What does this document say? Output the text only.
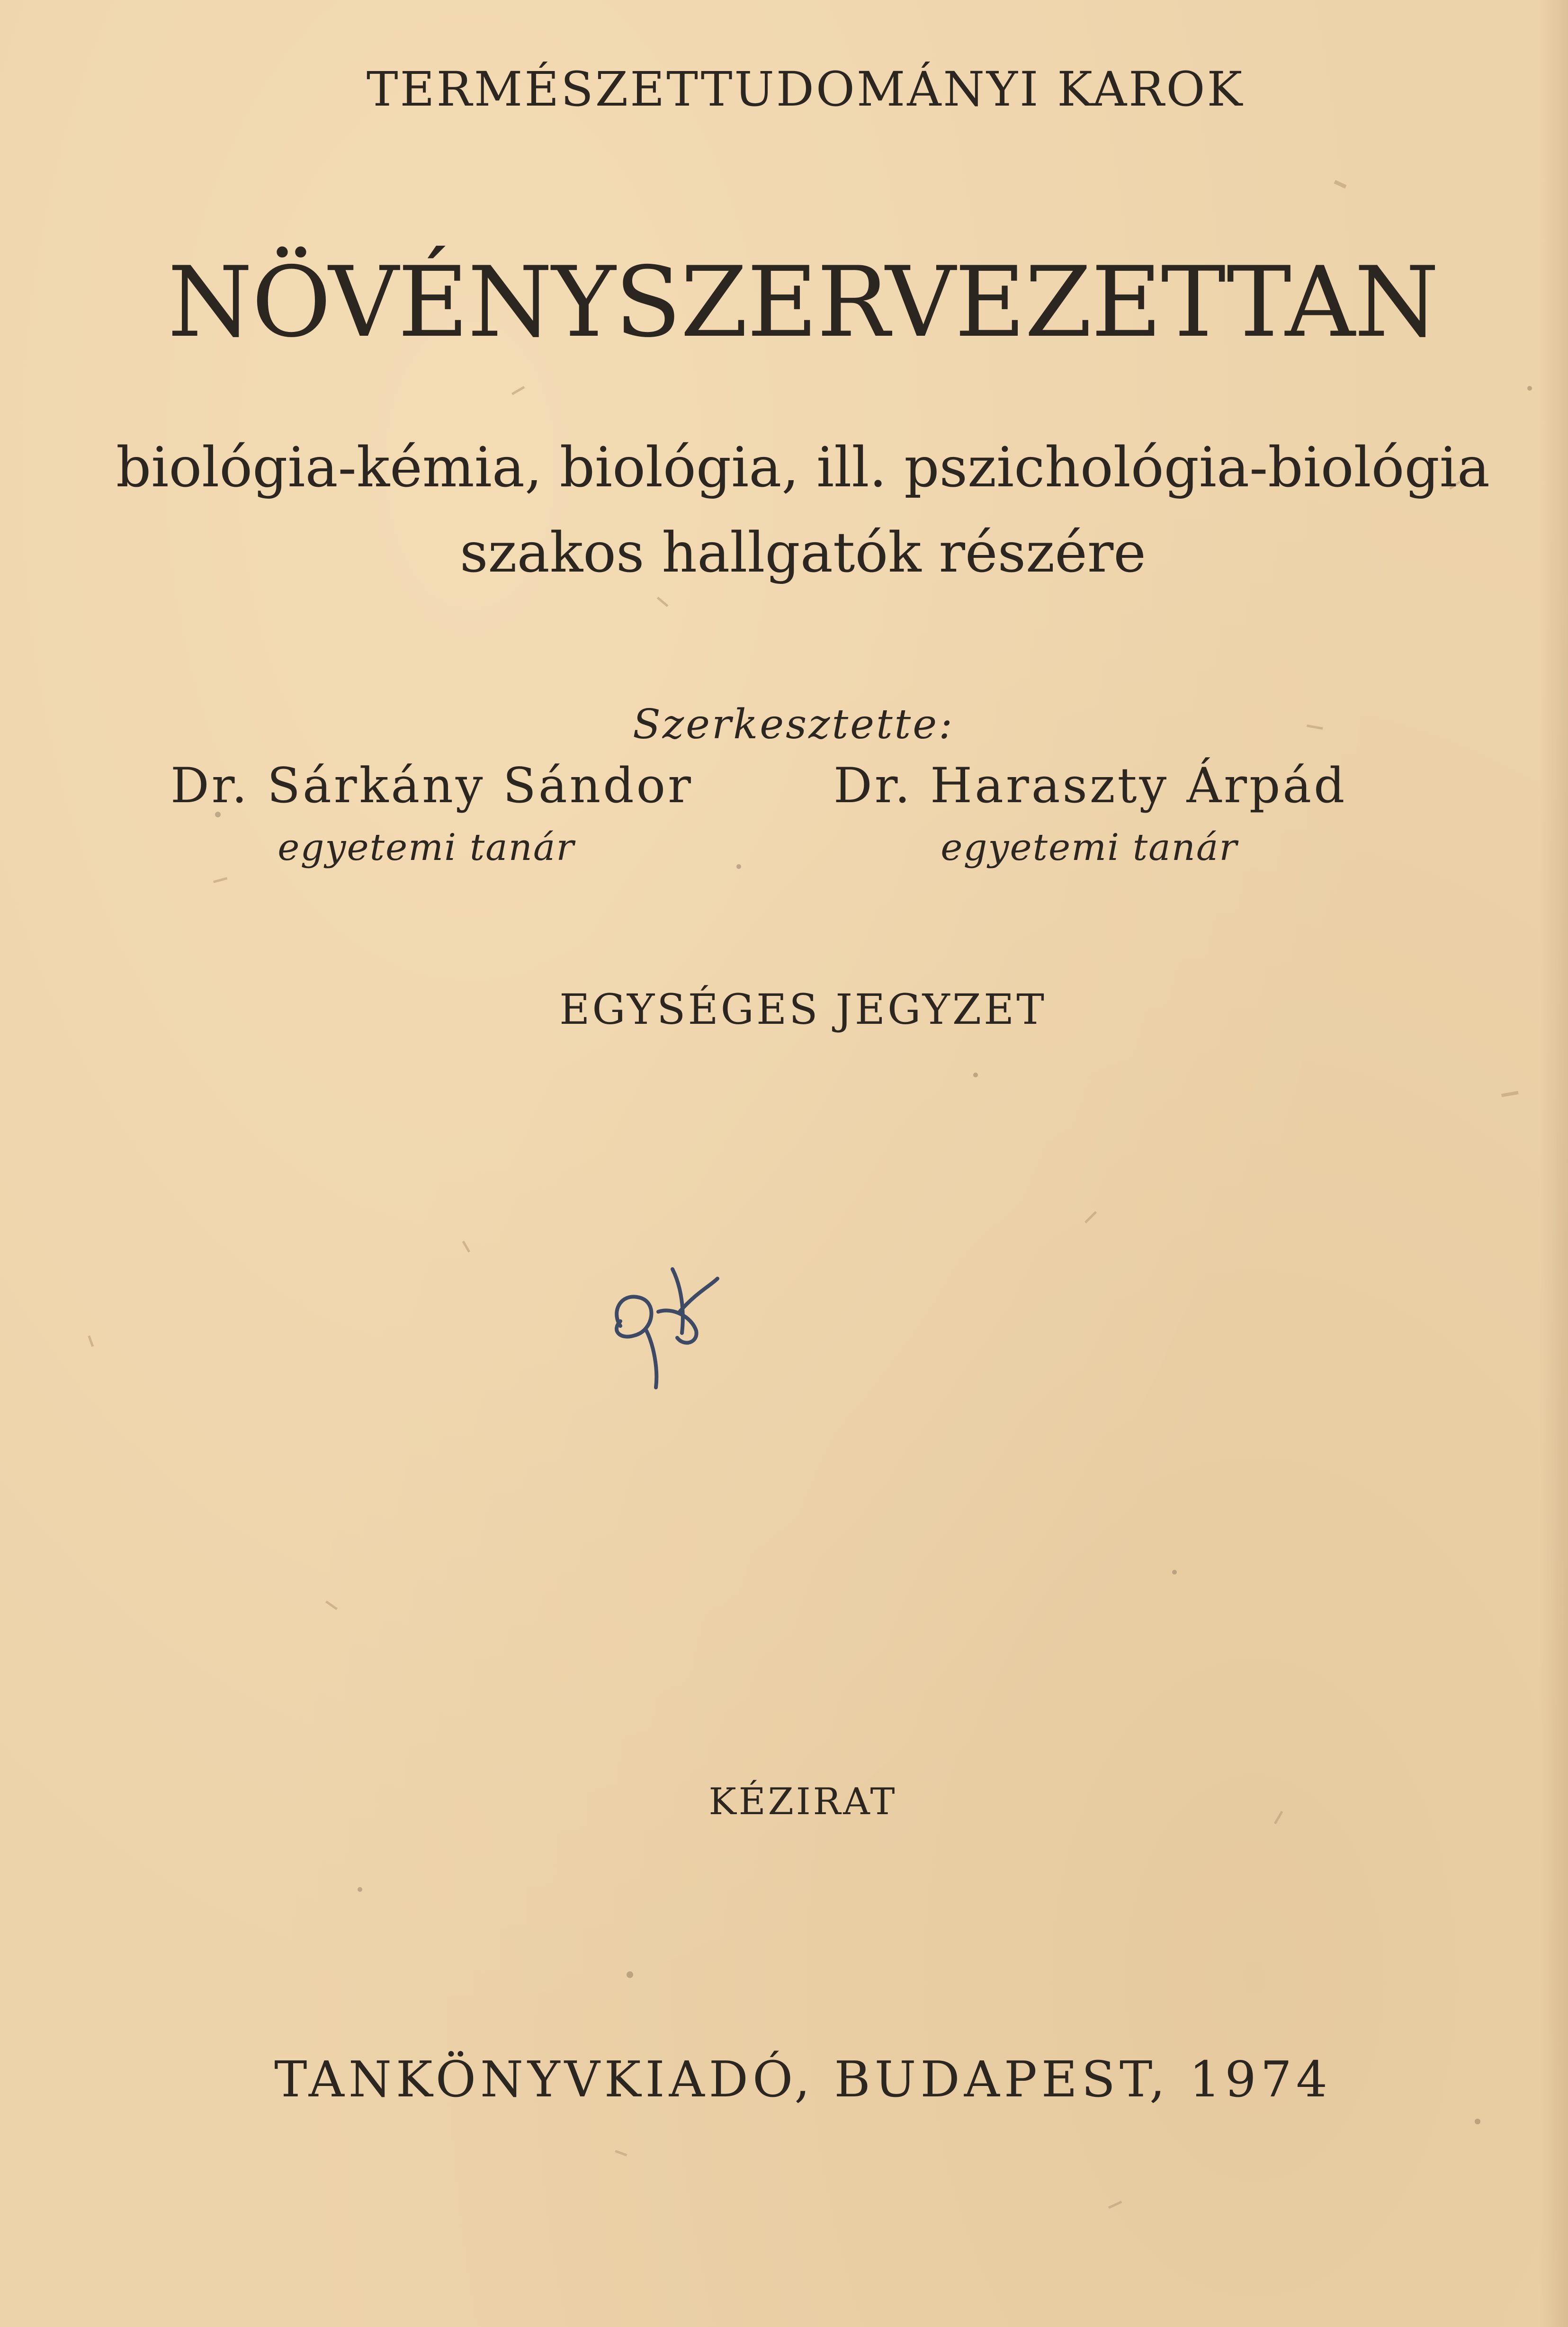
TERMÉSZETTUDOMÁNYI KAROK
NÖVÉNYSZERVEZETTAN
biológia-kémia, biológia, ill. pszichológia-biológia
szakos hallgatók részére
Szerkesztette:
Dr. Sárkány Sándor
egyetemi tanár
Dr. Haraszty Árpád
egyetemi tanár
EGYSÉGES JEGYZET
KÉZIRAT
TANKÖNYVKIADÓ, BUDAPEST, 1974
